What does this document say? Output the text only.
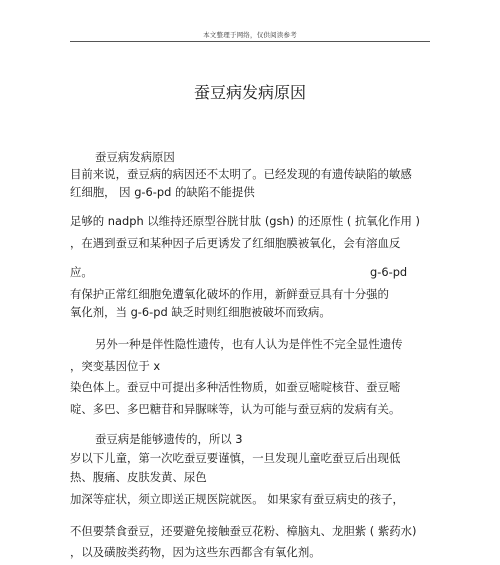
本文整理于网络，仅供阅读参考
蚕豆病发病原因
蚕豆病发病原因
目前来说，蚕豆病的病因还不太明了。已经发现的有遗传缺陷的敏感
红细胞， 因 g-6-pd 的缺陷不能提供
足够的 nadph 以维持还原型谷胱甘肽 (gsh) 的还原性 ( 抗氧化作用 )
，在遇到蚕豆和某种因子后更诱发了红细胞膜被氧化，会有溶血反
应。	g-6-pd
有保护正常红细胞免遭氧化破坏的作用，新鲜蚕豆具有十分强的
氧化剂，当 g-6-pd 缺乏时则红细胞被破坏而致病。
另外一种是伴性隐性遗传，也有人认为是伴性不完全显性遗传
，突变基因位于 x
染色体上。蚕豆中可提出多种活性物质，如蚕豆嘧啶核苷、蚕豆嘧
啶、多巴、多巴糖苷和异脲咪等，认为可能与蚕豆病的发病有关。
蚕豆病是能够遗传的，所以 3
岁以下儿童，第一次吃蚕豆要谨慎，一旦发现儿童吃蚕豆后出现低
热、腹痛、皮肤发黄、尿色
加深等症状，须立即送正规医院就医。 如果家有蚕豆病史的孩子，
不但要禁食蚕豆，还要避免接触蚕豆花粉、樟脑丸、龙胆紫 ( 紫药水)
，以及磺胺类药物，因为这些东西都含有氧化剂。
